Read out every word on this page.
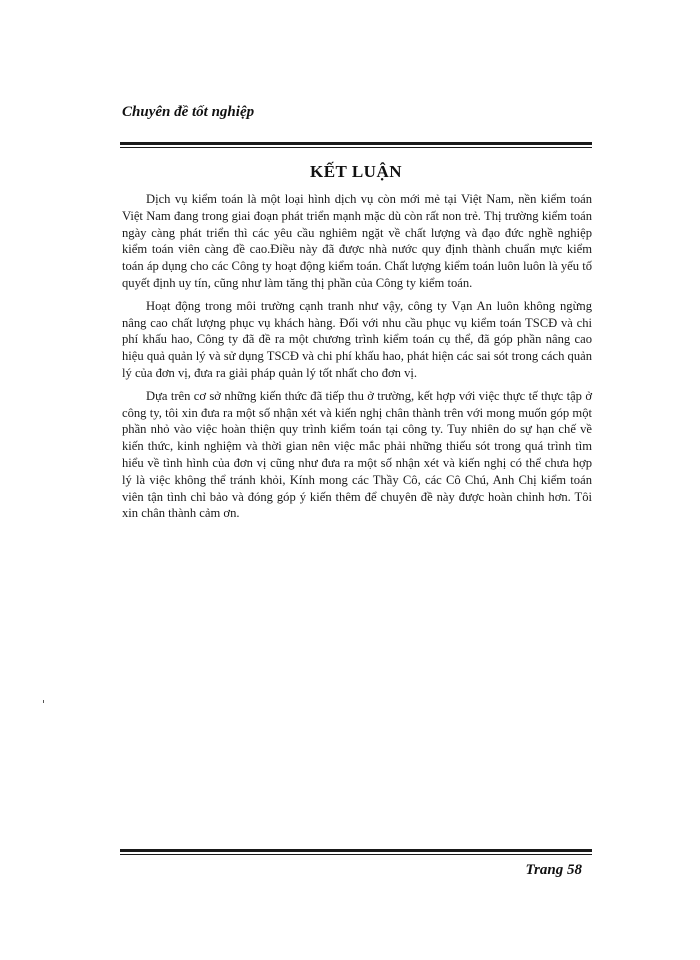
Chuyên đề tốt nghiệp
KẾT LUẬN

Dịch vụ kiểm toán là một loại hình dịch vụ còn mới mẻ tại Việt Nam, nền kiểm toán Việt Nam đang trong giai đoạn phát triển mạnh mặc dù còn rất non trẻ. Thị trường kiểm toán ngày càng phát triển thì các yêu cầu nghiêm ngặt về chất lượng và đạo đức nghề nghiệp kiểm toán viên càng đề cao.Điều này đã được nhà nước quy định thành chuẩn mực kiểm toán áp dụng cho các Công ty hoạt động kiểm toán. Chất lượng kiểm toán luôn luôn là yếu tố quyết định uy tín, cũng như làm tăng thị phần của Công ty kiểm toán.

Hoạt động trong môi trường cạnh tranh như vậy, công ty Vạn An luôn không ngừng nâng cao chất lượng phục vụ khách hàng. Đối với nhu cầu phục vụ kiểm toán TSCĐ và chi phí khấu hao, Công ty đã đề ra một chương trình kiểm toán cụ thể, đã góp phần nâng cao hiệu quả quản lý và sử dụng TSCĐ và chi phí khấu hao, phát hiện các sai sót trong cách quản lý của đơn vị, đưa ra giải pháp quản lý tốt nhất cho đơn vị.

Dựa trên cơ sở những kiến thức đã tiếp thu ở trường, kết hợp với việc thực tế thực tập ở công ty, tôi xin đưa ra một số nhận xét và kiến nghị chân thành trên với mong muốn góp một phần nhỏ vào việc hoàn thiện quy trình kiểm toán tại công ty. Tuy nhiên do sự hạn chế về kiến thức, kinh nghiệm và thời gian nên việc mắc phải những thiếu sót trong quá trình tìm hiểu về tình hình của đơn vị cũng như đưa ra một số nhận xét và kiến nghị có thể chưa hợp lý là việc không thể tránh khỏi, Kính mong các Thầy Cô, các Cô Chú, Anh Chị kiểm toán viên tận tình chỉ bảo và đóng góp ý kiến thêm để chuyên đề này được hoàn chỉnh hơn. Tôi xin chân thành cảm ơn.

Trang 58
